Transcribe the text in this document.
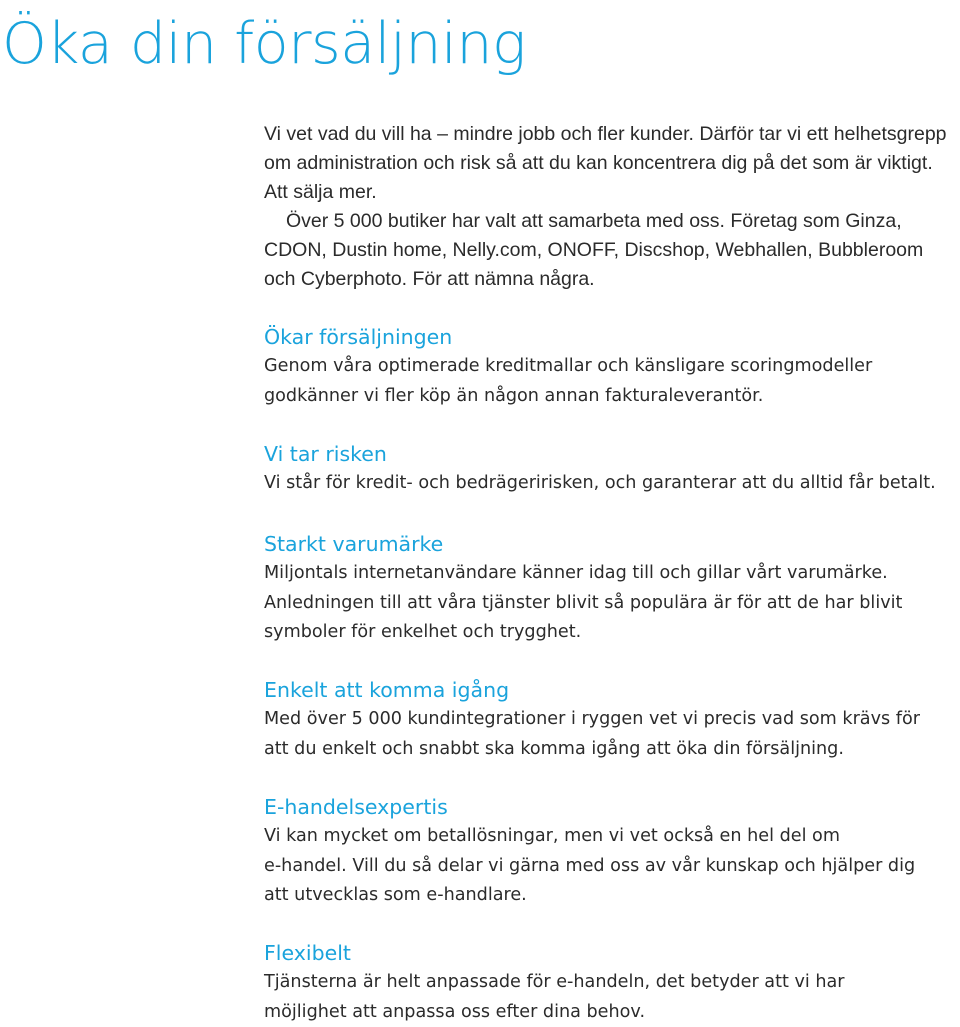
Öka din försäljning

Vi vet vad du vill ha – mindre jobb och fler kunder. Därför tar vi ett helhetsgrepp om administration och risk så att du kan koncentrera dig på det som är viktigt. Att sälja mer.

Över 5 000 butiker har valt att samarbeta med oss. Företag som Ginza, CDON, Dustin home, Nelly.com, ONOFF, Discshop, Webhallen, Bubbleroom och Cyberphoto. För att nämna några.

Ökar försäljningen

Genom våra optimerade kreditmallar och känsligare scoringmodeller
godkänner vi fler köp än någon annan fakturaleverantör.

Vi tar risken

Vi står för kredit- och bedrägeririsken, och garanterar att du alltid får betalt.

Starkt varumärke

Miljontals internetanvändare känner idag till och gillar vårt varumärke.
Anledningen till att våra tjänster blivit så populära är för att de har blivit
symboler för enkelhet och trygghet.

Enkelt att komma igång

Med över 5 000 kundintegrationer i ryggen vet vi precis vad som krävs för
att du enkelt och snabbt ska komma igång att öka din försäljning.

E-handelsexpertis

Vi kan mycket om betallösningar, men vi vet också en hel del om
e-handel. Vill du så delar vi gärna med oss av vår kunskap och hjälper dig
att utvecklas som e-handlare.

Flexibelt

Tjänsterna är helt anpassade för e-handeln, det betyder att vi har
möjlighet att anpassa oss efter dina behov.
